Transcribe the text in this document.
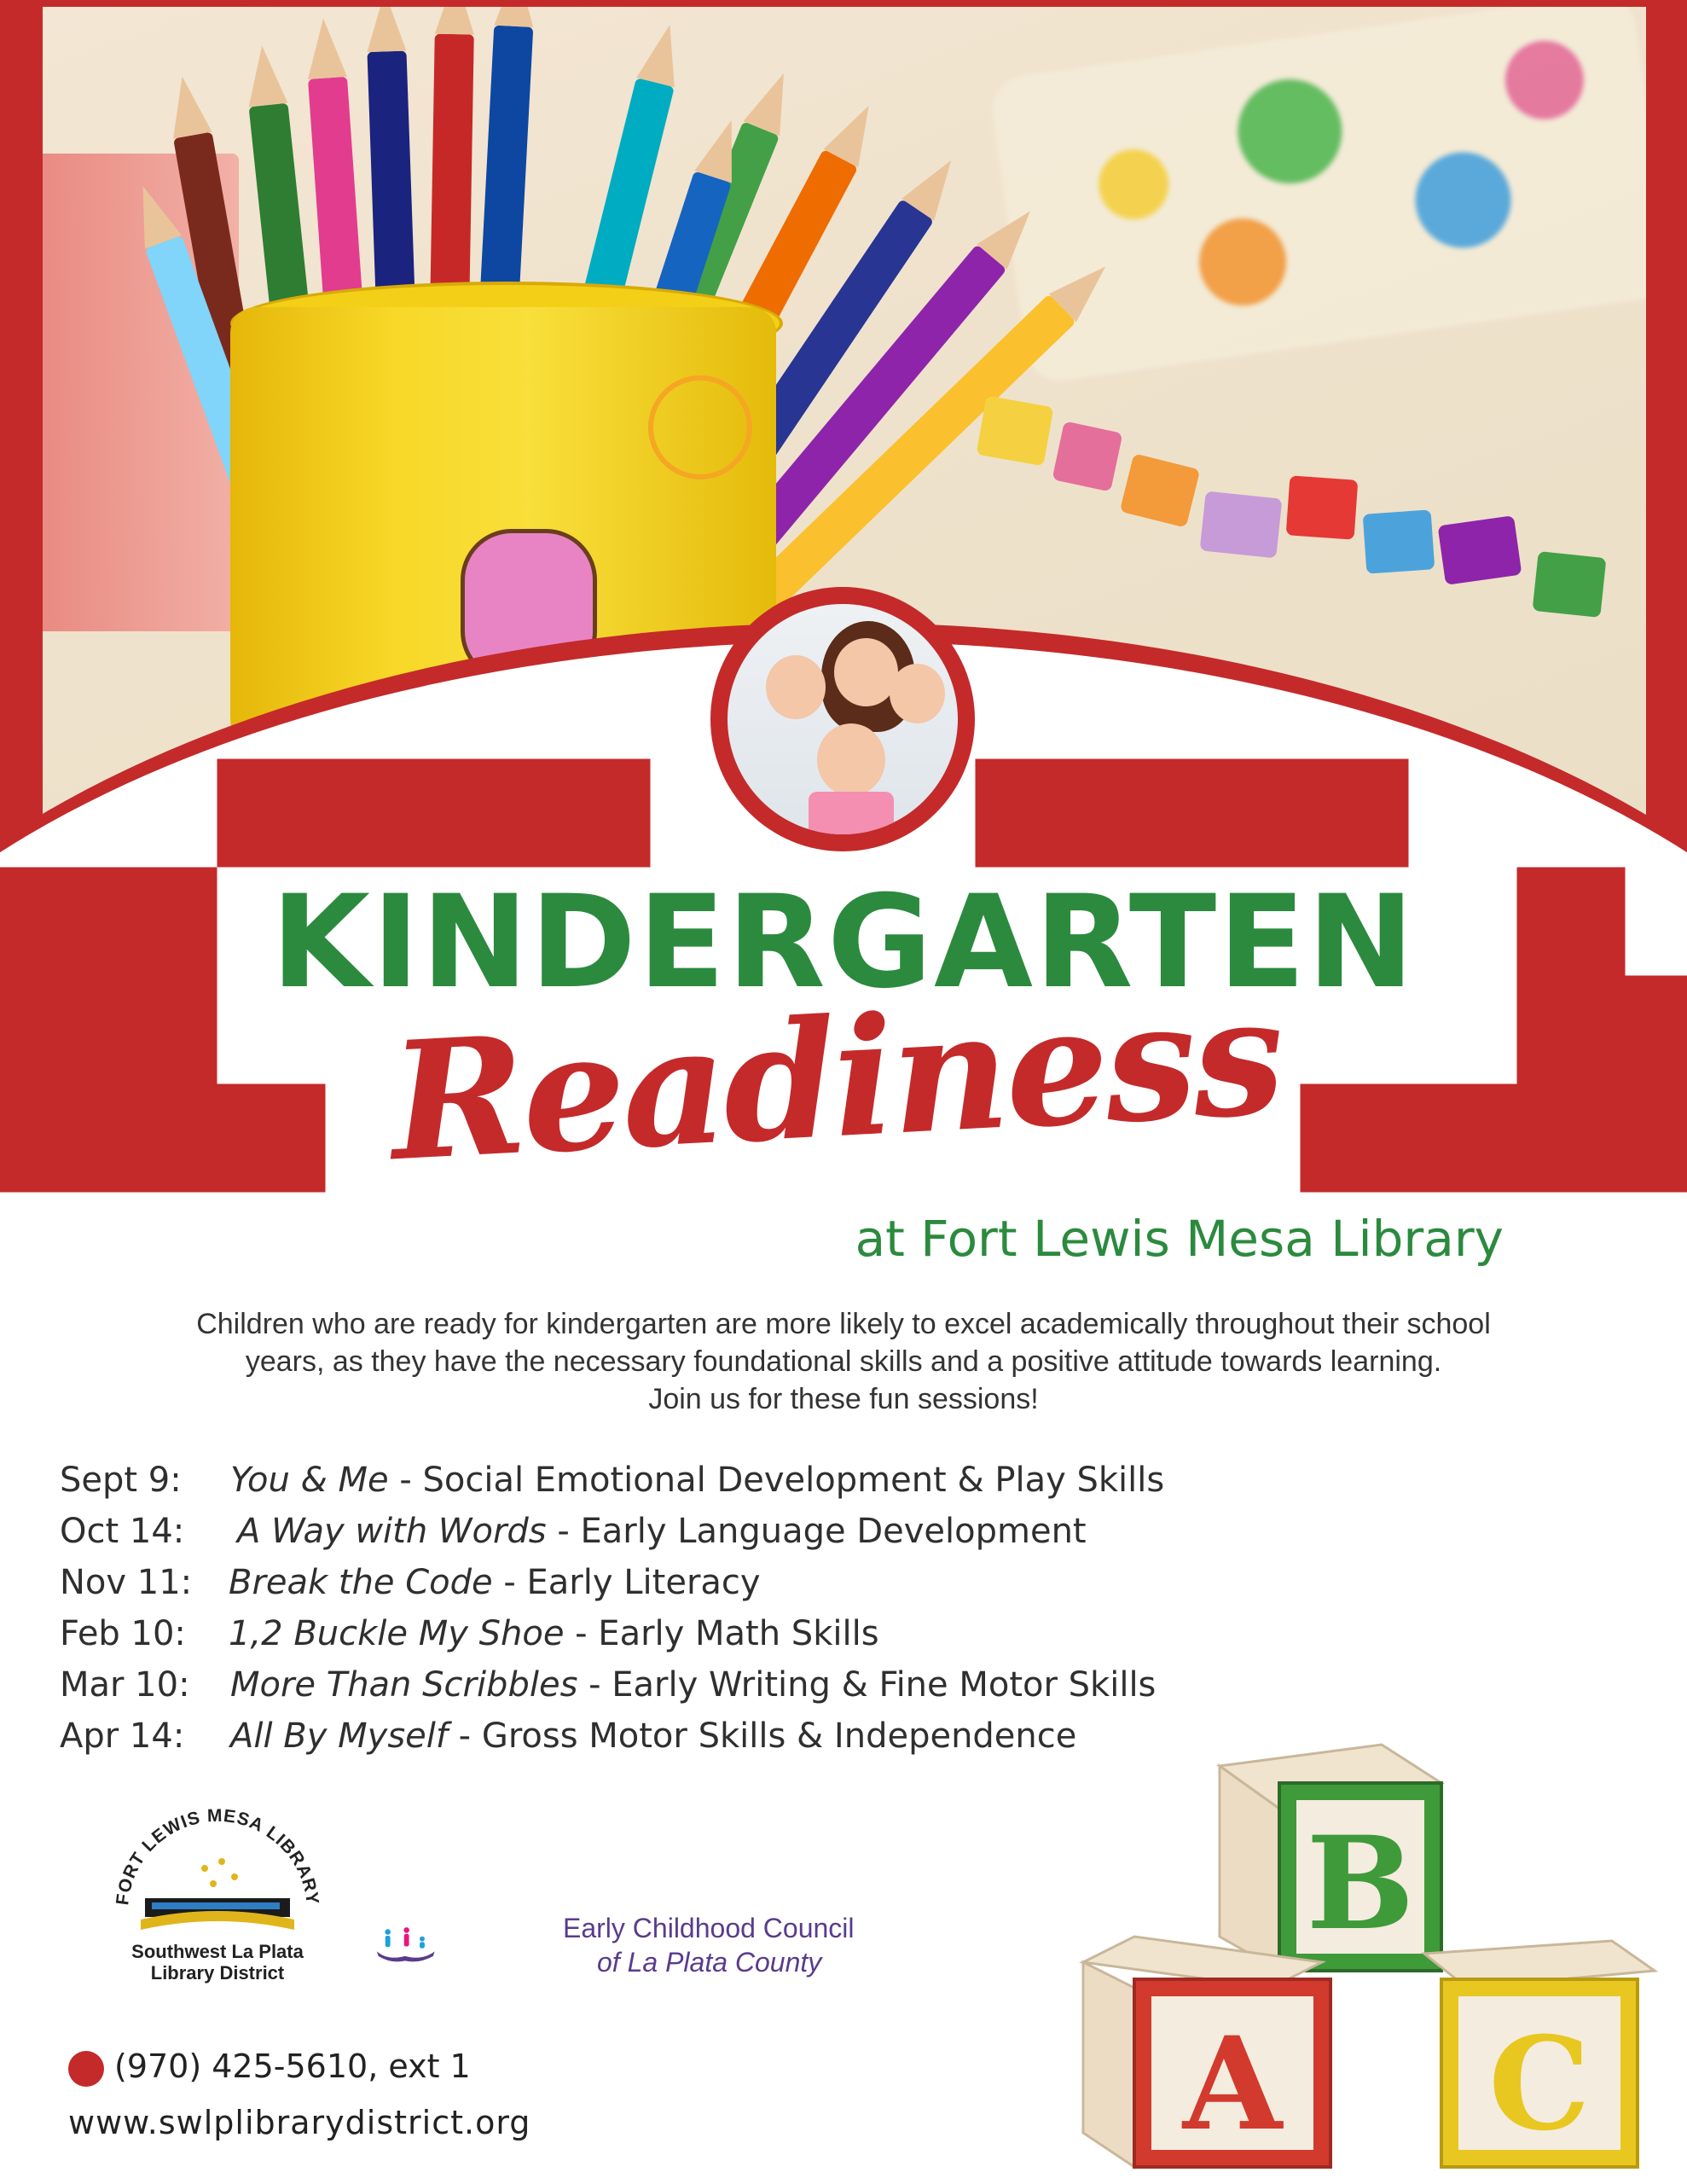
KINDERGARTEN
Readiness
at Fort Lewis Mesa Library

Children who are ready for kindergarten are more likely to excel academically throughout their school

years, as they have the necessary foundational skills and a positive attitude towards learning.

Join us for these fun sessions!

Sept 9: You & Me - Social Emotional Development & Play Skills
Oct 14: A Way with Words - Early Language Development
Nov 11: Break the Code - Early Literacy
Feb 10: 1,2 Buckle My Shoe - Early Math Skills
Mar 10: More Than Scribbles - Early Writing & Fine Motor Skills
Apr 14: All By Myself - Gross Motor Skills & Independence
FORT LEWIS MESA LIBRARY
Southwest La Plata
Library District
Early Childhood Council
of La Plata County
(970) 425-5610, ext 1
www.swlplibrarydistrict.org
B
A C
